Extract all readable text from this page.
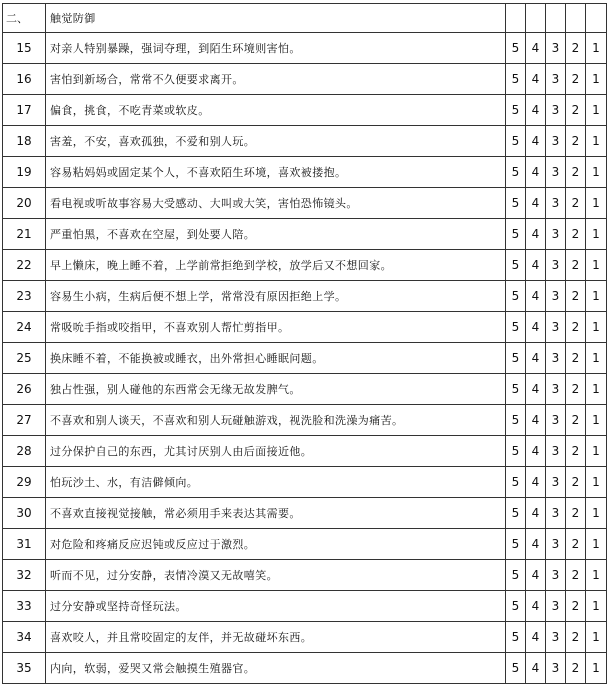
二、	触觉防御					
15	对亲人特别暴躁，强词夺理，到陌生环境则害怕。	5	4	3	2	1
16	害怕到新场合，常常不久便要求离开。	5	4	3	2	1
17	偏食，挑食，不吃青菜或软皮。	5	4	3	2	1
18	害羞，不安，喜欢孤独，不爱和别人玩。	5	4	3	2	1
19	容易粘妈妈或固定某个人，不喜欢陌生环境，喜欢被搂抱。	5	4	3	2	1
20	看电视或听故事容易大受感动、大叫或大笑，害怕恐怖镜头。	5	4	3	2	1
21	严重怕黑，不喜欢在空屋，到处要人陪。	5	4	3	2	1
22	早上懒床，晚上睡不着，上学前常拒绝到学校，放学后又不想回家。	5	4	3	2	1
23	容易生小病，生病后便不想上学，常常没有原因拒绝上学。	5	4	3	2	1
24	常吸吮手指或咬指甲，不喜欢别人帮忙剪指甲。	5	4	3	2	1
25	换床睡不着，不能换被或睡衣，出外常担心睡眠问题。	5	4	3	2	1
26	独占性强，别人碰他的东西常会无缘无故发脾气。	5	4	3	2	1
27	不喜欢和别人谈天，不喜欢和别人玩碰触游戏，视洗脸和洗澡为痛苦。	5	4	3	2	1
28	过分保护自己的东西，尤其讨厌别人由后面接近他。	5	4	3	2	1
29	怕玩沙土、水，有洁僻倾向。	5	4	3	2	1
30	不喜欢直接视觉接触，常必须用手来表达其需要。	5	4	3	2	1
31	对危险和疼痛反应迟钝或反应过于激烈。	5	4	3	2	1
32	听而不见，过分安静，表情冷漠又无故嘻笑。	5	4	3	2	1
33	过分安静或坚持奇怪玩法。	5	4	3	2	1
34	喜欢咬人，并且常咬固定的友伴，并无故碰坏东西。	5	4	3	2	1
35	内向，软弱，爱哭又常会触摸生殖器官。	5	4	3	2	1
